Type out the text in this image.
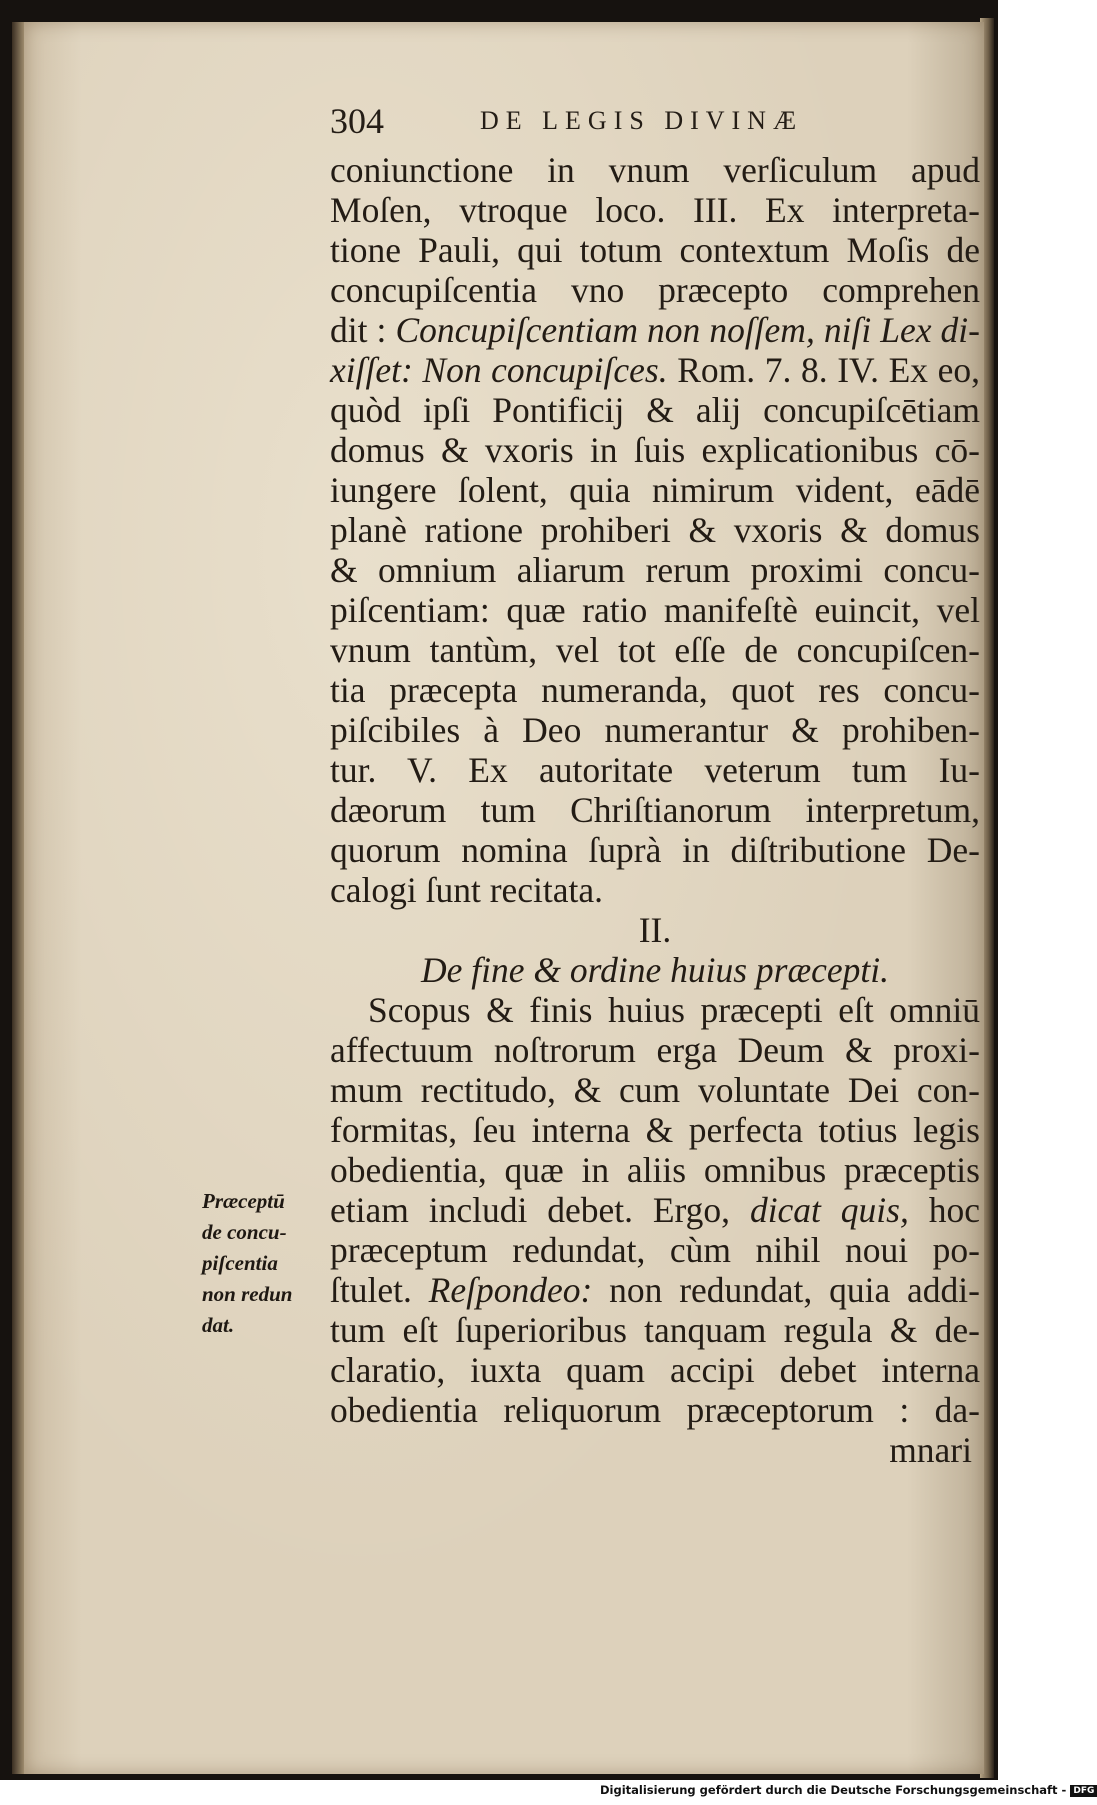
304	DE LEGIS DIVINÆ
coniunctione in vnum verſiculum apud
Moſen, vtroque loco. III. Ex interpreta-
tione Pauli, qui totum contextum Moſis de
concupiſcentia vno præcepto comprehen
dit : Concupiſcentiam non noſſem, niſi Lex di-
xiſſet: Non concupiſces. Rom. 7. 8. IV. Ex eo,
quòd ipſi Pontificij & alij concupiſcētiam
domus & vxoris in ſuis explicationibus cō-
iungere ſolent, quia nimirum vident, eādē
planè ratione prohiberi & vxoris & domus
& omnium aliarum rerum proximi concu-
piſcentiam: quæ ratio manifeſtè euincit, vel
vnum tantùm, vel tot eſſe de concupiſcen-
tia præcepta numeranda, quot res concu-
piſcibiles à Deo numerantur & prohiben-
tur. V. Ex autoritate veterum tum Iu-
dæorum tum Chriſtianorum interpretum,
quorum nomina ſuprà in diſtributione De-
calogi ſunt recitata.
II.
De fine & ordine huius præcepti.
Scopus & finis huius præcepti eſt omniū
affectuum noſtrorum erga Deum & proxi-
mum rectitudo, & cum voluntate Dei con-
formitas, ſeu interna & perfecta totius legis
obedientia, quæ in aliis omnibus præceptis
etiam includi debet. Ergo, dicat quis, hoc
præceptum redundat, cùm nihil noui po-
ſtulet. Reſpondeo: non redundat, quia addi-
tum eſt ſuperioribus tanquam regula & de-
claratio, iuxta quam accipi debet interna
obedientia reliquorum præceptorum : da-
mnari
Præceptū
de concu-
piſcentia
non redun
dat.
Digitalisierung gefördert durch die Deutsche Forschungsgemeinschaft - DFG
